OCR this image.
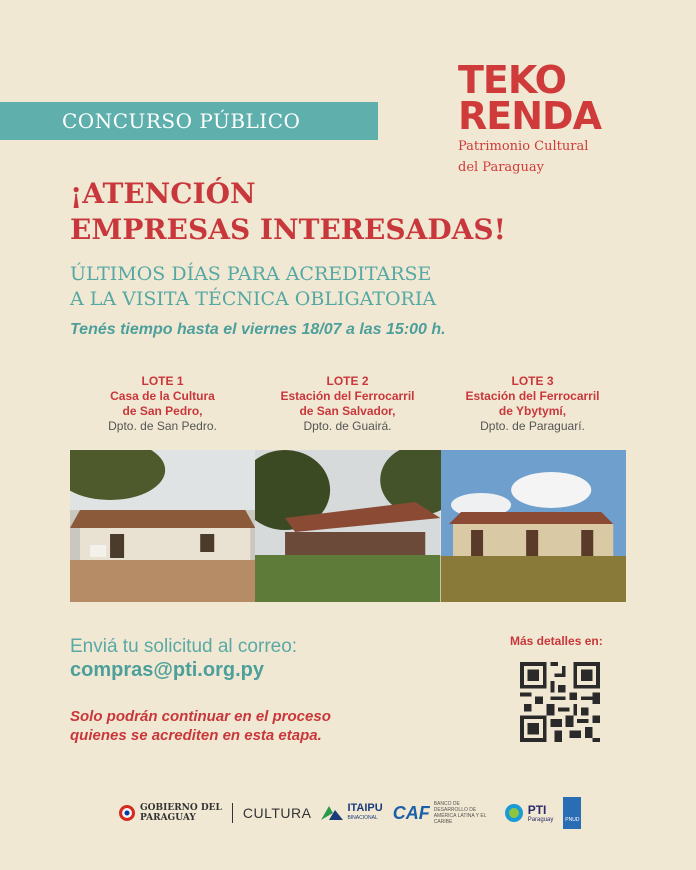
CONCURSO PÚBLICO
TEKO
RENDA
Patrimonio Cultural
del Paraguay
¡ATENCIÓN
EMPRESAS INTERESADAS!
ÚLTIMOS DÍAS PARA ACREDITARSE
A LA VISITA TÉCNICA OBLIGATORIA
Tenés tiempo hasta el viernes 18/07 a las 15:00 h.
LOTE 1
Casa de la Cultura
de San Pedro,
Dpto. de San Pedro.
LOTE 2
Estación del Ferrocarril
de San Salvador,
Dpto. de Guairá.
LOTE 3
Estación del Ferrocarril
de Ybytymí,
Dpto. de Paraguarí.
Enviá tu solicitud al correo:
compras@pti.org.py
Solo podrán continuar en el proceso
quienes se acrediten en esta etapa.
Más detalles en:
GOBIERNO DEL
PARAGUAY	CULTURA	ITAIPU
BINACIONAL CAF BANCO DE DESARROLLO DE AMÉRICA LATINA Y EL CARIBE
PTI
Paraguay	PNUD
